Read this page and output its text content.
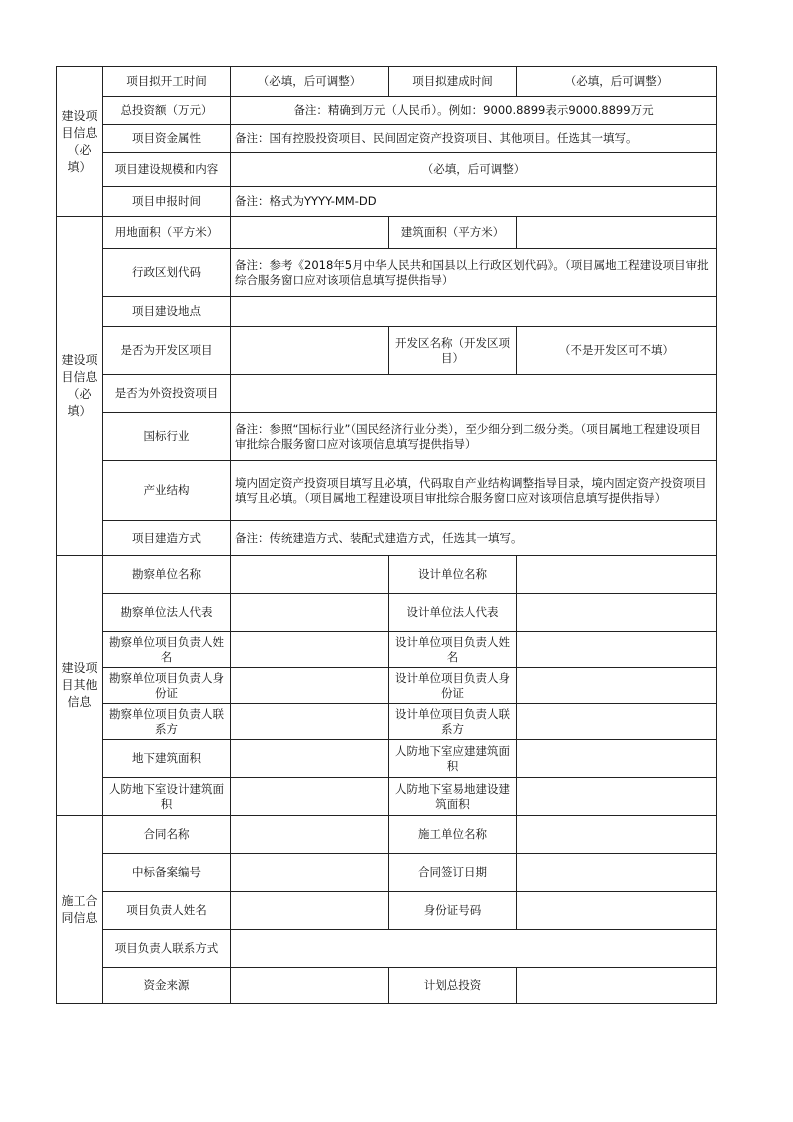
建设项目信息（必填）	项目拟开工时间	（必填，后可调整）	项目拟建成时间	（必填，后可调整）
	总投资额（万元）	备注：精确到万元（人民币）。例如：9000.8899表示9000.8899万元		
	项目资金属性	备注：国有控股投资项目、民间固定资产投资项目、其他项目。任选其一填写。		
	项目建设规模和内容	（必填，后可调整）		
	项目申报时间	备注：格式为YYYY-MM-DD		
建设项目信息（必填）	用地面积（平方米）		建筑面积（平方米）	
	行政区划代码	备注：参考《2018年5月中华人民共和国县以上行政区划代码》。（项目属地工程建设项目审批综合服务窗口应对该项信息填写提供指导）		
	项目建设地点			
	是否为开发区项目		开发区名称（开发区项目）	（不是开发区可不填）
	是否为外资投资项目			
	国标行业	备注：参照“国标行业”（国民经济行业分类），至少细分到二级分类。（项目属地工程建设项目审批综合服务窗口应对该项信息填写提供指导）		
	产业结构	境内固定资产投资项目填写且必填，代码取自产业结构调整指导目录，境内固定资产投资项目填写且必填。（项目属地工程建设项目审批综合服务窗口应对该项信息填写提供指导）		
	项目建造方式	备注：传统建造方式、装配式建造方式，任选其一填写。		
建设项目其他信息	勘察单位名称		设计单位名称	
	勘察单位法人代表		设计单位法人代表	
	勘察单位项目负责人姓名		设计单位项目负责人姓名	
	勘察单位项目负责人身份证		设计单位项目负责人身份证	
	勘察单位项目负责人联系方		设计单位项目负责人联系方	
	地下建筑面积		人防地下室应建建筑面积	
	人防地下室设计建筑面积		人防地下室易地建设建筑面积	
施工合同信息	合同名称		施工单位名称	
	中标备案编号		合同签订日期	
	项目负责人姓名		身份证号码	
	项目负责人联系方式			
	资金来源		计划总投资	
